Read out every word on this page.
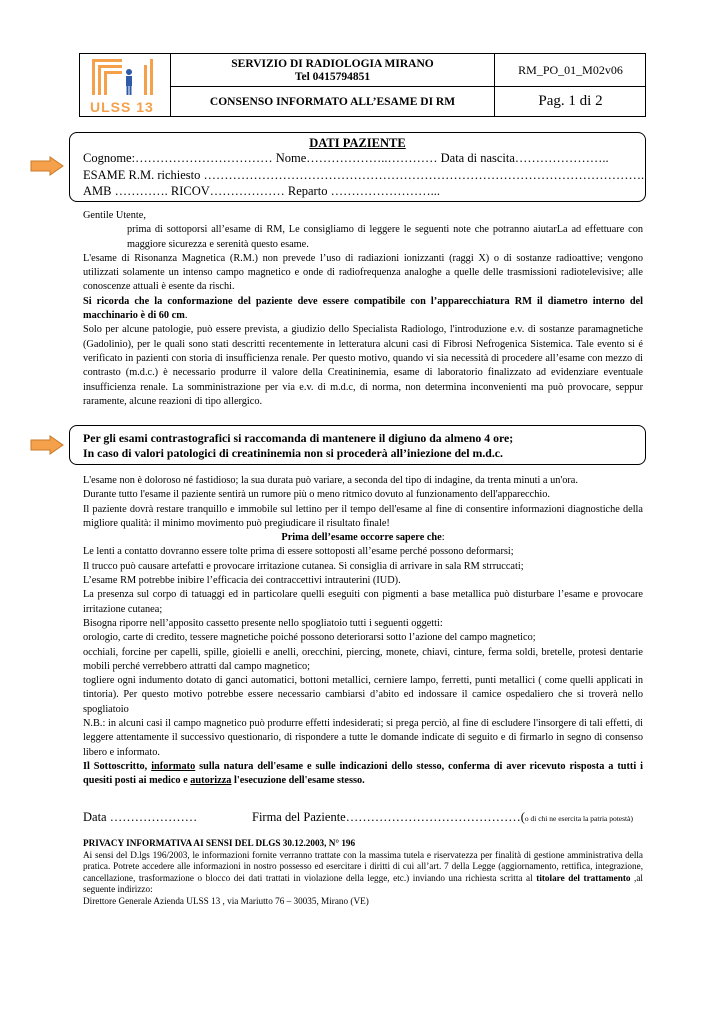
ULSS 13
SERVIZIO DI RADIOLOGIA MIRANO
Tel 0415794851	RM_PO_01_M02v06
CONSENSO INFORMATO ALL’ESAME DI RM	Pag. 1 di 2
DATI PAZIENTE
Cognome:…………………………… Nome………………..………… Data di nascita…………………..
ESAME R.M. richiesto …………………………………………………………………………………………….
AMB …………. RICOV……………… Reparto ……………………...

Gentile Utente,

prima di sottoporsi all’esame di RM, Le consigliamo di leggere le seguenti note che potranno aiutarLa ad effettuare con maggiore sicurezza e serenità questo esame.

L'esame di Risonanza Magnetica (R.M.) non prevede l’uso di radiazioni ionizzanti (raggi X) o di sostanze radioattive; vengono utilizzati solamente un intenso campo magnetico e onde di radiofrequenza analoghe a quelle delle trasmissioni radiotelevisive; alle conoscenze attuali è esente da rischi.

Si ricorda che la conformazione del paziente deve essere compatibile con l’apparecchiatura RM il diametro interno del macchinario è di 60 cm.

Solo per alcune patologie, può essere prevista, a giudizio dello Specialista Radiologo, l'introduzione e.v. di sostanze paramagnetiche (Gadolinio), per le quali sono stati descritti recentemente in letteratura alcuni casi di Fibrosi Nefrogenica Sistemica. Tale evento si é verificato in pazienti con storia di insufficienza renale. Per questo motivo, quando vi sia necessità di procedere all’esame con mezzo di contrasto (m.d.c.) è necessario produrre il valore della Creatininemia, esame di laboratorio finalizzato ad evidenziare eventuale insufficienza renale. La somministrazione per via e.v. di m.d.c, di norma, non determina inconvenienti ma può provocare, seppur raramente, alcune reazioni di tipo allergico.

Per gli esami contrastografici si raccomanda di mantenere il digiuno da almeno 4 ore;
In caso di valori patologici di creatininemia non si procederà all’iniezione del m.d.c.

L'esame non è doloroso né fastidioso; la sua durata può variare, a seconda del tipo di indagine, da trenta minuti a un'ora.

Durante tutto l'esame il paziente sentirà un rumore più o meno ritmico dovuto al funzionamento dell'apparecchio.

Il paziente dovrà restare tranquillo e immobile sul lettino per il tempo dell'esame al fine di consentire informazioni diagnostiche della migliore qualità: il minimo movimento può pregiudicare il risultato finale!

Prima dell’esame occorre sapere che:

Le lenti a contatto dovranno essere tolte prima di essere sottoposti all’esame perché possono deformarsi;

Il trucco può causare artefatti e provocare irritazione cutanea. Si consiglia di arrivare in sala RM strruccati;

L’esame RM potrebbe inibire l’efficacia dei contraccettivi intrauterini (IUD).

La presenza sul corpo di tatuaggi ed in particolare quelli eseguiti con pigmenti a base metallica può disturbare l’esame e provocare irritazione cutanea;

Bisogna riporre nell’apposito cassetto presente nello spogliatoio tutti i seguenti oggetti:

orologio, carte di credito, tessere magnetiche poiché possono deteriorarsi sotto l’azione del campo magnetico;

occhiali, forcine per capelli, spille, gioielli e anelli, orecchini, piercing, monete, chiavi, cinture, ferma soldi, bretelle, protesi dentarie mobili perché verrebbero attratti dal campo magnetico;

togliere ogni indumento dotato di ganci automatici, bottoni metallici, cerniere lampo, ferretti, punti metallici ( come quelli applicati in tintoria). Per questo motivo potrebbe essere necessario cambiarsi d’abito ed indossare il camice ospedaliero che si troverà nello spogliatoio

N.B.: in alcuni casi il campo magnetico può produrre effetti indesiderati; si prega perciò, al fine di escludere l'insorgere di tali effetti, di leggere attentamente il successivo questionario, di rispondere a tutte le domande indicate di seguito e di firmarlo in segno di consenso libero e informato.

Il Sottoscritto, informato sulla natura dell'esame e sulle indicazioni dello stesso, conferma di aver ricevuto risposta a tutti i quesiti posti ai medico e autorizza l'esecuzione dell'esame stesso.

Data …………………	Firma del Paziente……………………………………(o di chi ne esercita la patria potestà)

PRIVACY INFORMATIVA AI SENSI DEL DLGS 30.12.2003, N° 196

Ai sensi del D.lgs 196/2003, le informazioni fornite verranno trattate con la massima tutela e riservatezza per finalità di gestione amministrativa della pratica. Potrete accedere alle informazioni in nostro possesso ed esercitare i diritti di cui all’art. 7 della Legge (aggiornamento, rettifica, integrazione, cancellazione, trasformazione o blocco dei dati trattati in violazione della legge, etc.) inviando una richiesta scritta al titolare del trattamento ,al seguente indirizzo:

Direttore Generale Azienda ULSS 13 , via Mariutto 76 – 30035, Mirano (VE)
